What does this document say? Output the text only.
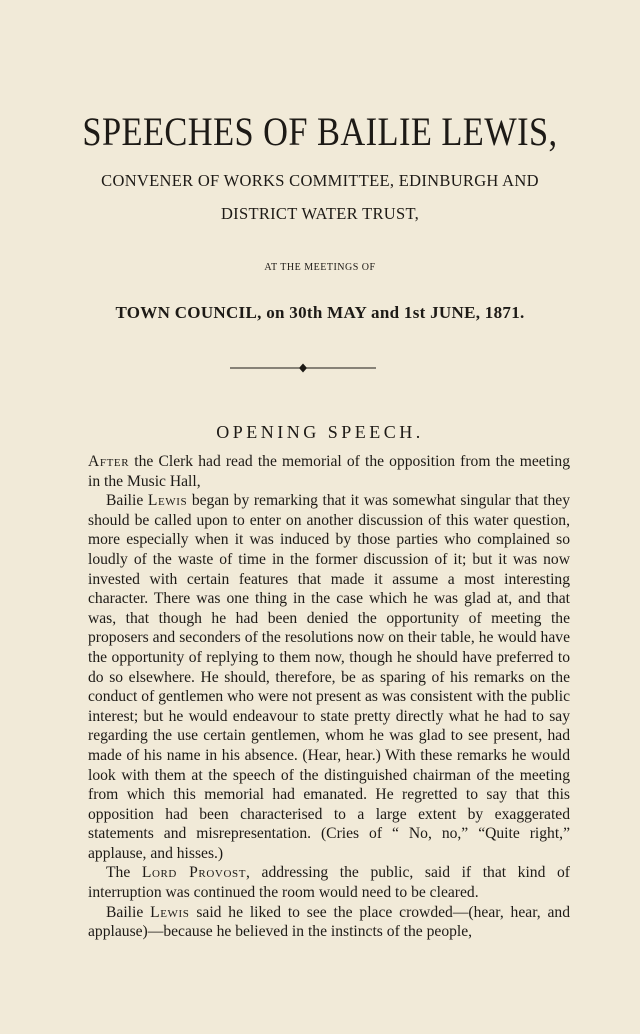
SPEECHES OF BAILIE LEWIS,
CONVENER OF WORKS COMMITTEE, EDINBURGH AND
DISTRICT WATER TRUST,
AT THE MEETINGS OF
TOWN COUNCIL, on 30th MAY and 1st JUNE, 1871.
OPENING SPEECH.

After the Clerk had read the memorial of the opposition from the meeting in the Music Hall,

Bailie Lewis began by remarking that it was somewhat singular that they should be called upon to enter on another discussion of this water question, more especially when it was induced by those parties who complained so loudly of the waste of time in the former discussion of it; but it was now invested with certain features that made it assume a most interesting character. There was one thing in the case which he was glad at, and that was, that though he had been denied the opportunity of meeting the proposers and seconders of the resolutions now on their table, he would have the opportunity of replying to them now, though he should have preferred to do so elsewhere. He should, therefore, be as sparing of his remarks on the conduct of gentlemen who were not present as was consistent with the public interest; but he would endeavour to state pretty directly what he had to say regarding the use certain gentlemen, whom he was glad to see present, had made of his name in his absence. (Hear, hear.) With these remarks he would look with them at the speech of the distinguished chairman of the meeting from which this memorial had emanated. He regretted to say that this opposition had been characterised to a large extent by exaggerated statements and misrepresentation. (Cries of “ No, no,” “Quite right,” applause, and hisses.)

The Lord Provost, addressing the public, said if that kind of interruption was continued the room would need to be cleared.

Bailie Lewis said he liked to see the place crowded—(hear, hear, and applause)—because he believed in the instincts of the people,
